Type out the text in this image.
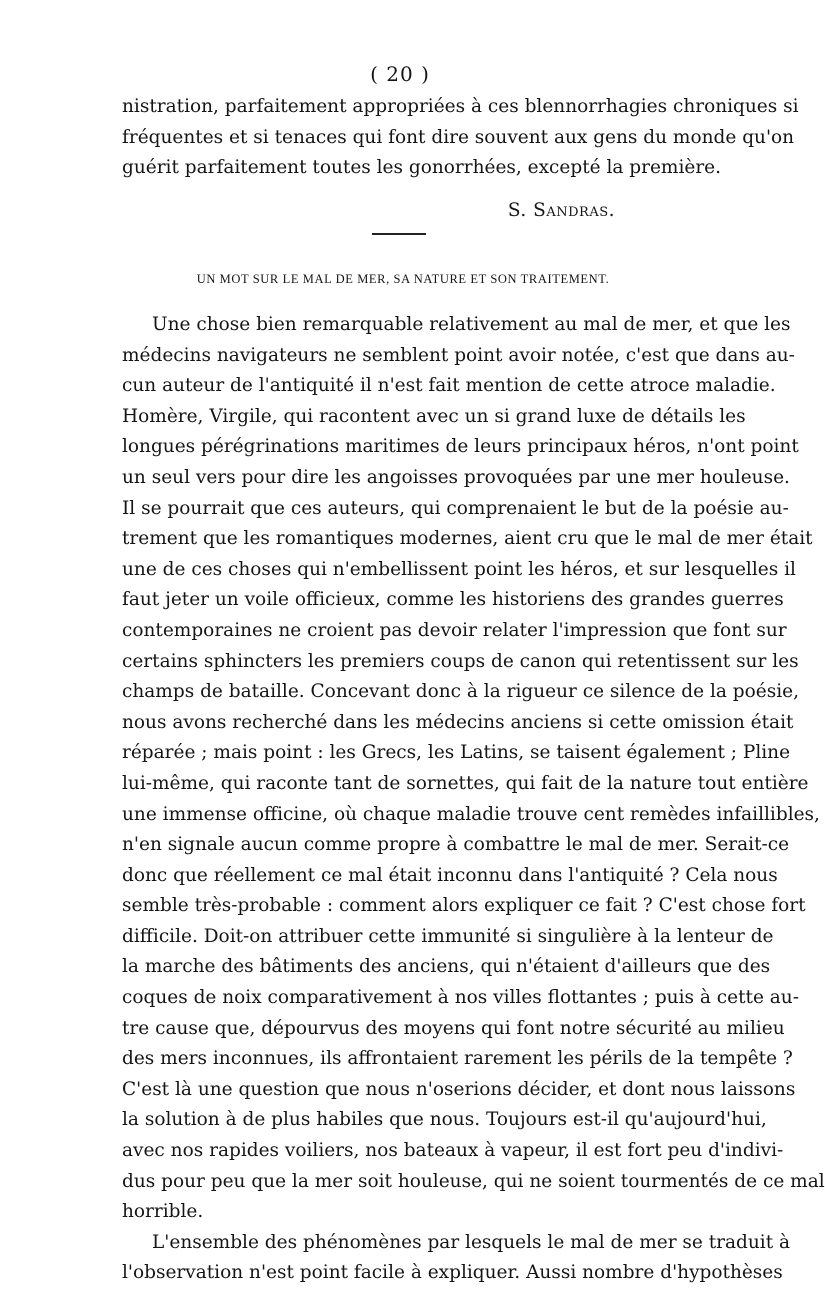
( 20 )
nistration, parfaitement appropriées à ces blennorrhagies chroniques si
fréquentes et si tenaces qui font dire souvent aux gens du monde qu'on
guérit parfaitement toutes les gonorrhées, excepté la première.
S. Sandras.
UN MOT SUR LE MAL DE MER, SA NATURE ET SON TRAITEMENT.
Une chose bien remarquable relativement au mal de mer, et que les
médecins navigateurs ne semblent point avoir notée, c'est que dans au-
cun auteur de l'antiquité il n'est fait mention de cette atroce maladie.
Homère, Virgile, qui racontent avec un si grand luxe de détails les
longues pérégrinations maritimes de leurs principaux héros, n'ont point
un seul vers pour dire les angoisses provoquées par une mer houleuse.
Il se pourrait que ces auteurs, qui comprenaient le but de la poésie au-
trement que les romantiques modernes, aient cru que le mal de mer était
une de ces choses qui n'embellissent point les héros, et sur lesquelles il
faut jeter un voile officieux, comme les historiens des grandes guerres
contemporaines ne croient pas devoir relater l'impression que font sur
certains sphincters les premiers coups de canon qui retentissent sur les
champs de bataille. Concevant donc à la rigueur ce silence de la poésie,
nous avons recherché dans les médecins anciens si cette omission était
réparée ; mais point : les Grecs, les Latins, se taisent également ; Pline
lui-même, qui raconte tant de sornettes, qui fait de la nature tout entière
une immense officine, où chaque maladie trouve cent remèdes infaillibles,
n'en signale aucun comme propre à combattre le mal de mer. Serait-ce
donc que réellement ce mal était inconnu dans l'antiquité ? Cela nous
semble très-probable : comment alors expliquer ce fait ? C'est chose fort
difficile. Doit-on attribuer cette immunité si singulière à la lenteur de
la marche des bâtiments des anciens, qui n'étaient d'ailleurs que des
coques de noix comparativement à nos villes flottantes ; puis à cette au-
tre cause que, dépourvus des moyens qui font notre sécurité au milieu
des mers inconnues, ils affrontaient rarement les périls de la tempête ?
C'est là une question que nous n'oserions décider, et dont nous laissons
la solution à de plus habiles que nous. Toujours est-il qu'aujourd'hui,
avec nos rapides voiliers, nos bateaux à vapeur, il est fort peu d'indivi-
dus pour peu que la mer soit houleuse, qui ne soient tourmentés de ce mal
horrible.
L'ensemble des phénomènes par lesquels le mal de mer se traduit à
l'observation n'est point facile à expliquer. Aussi nombre d'hypothèses
